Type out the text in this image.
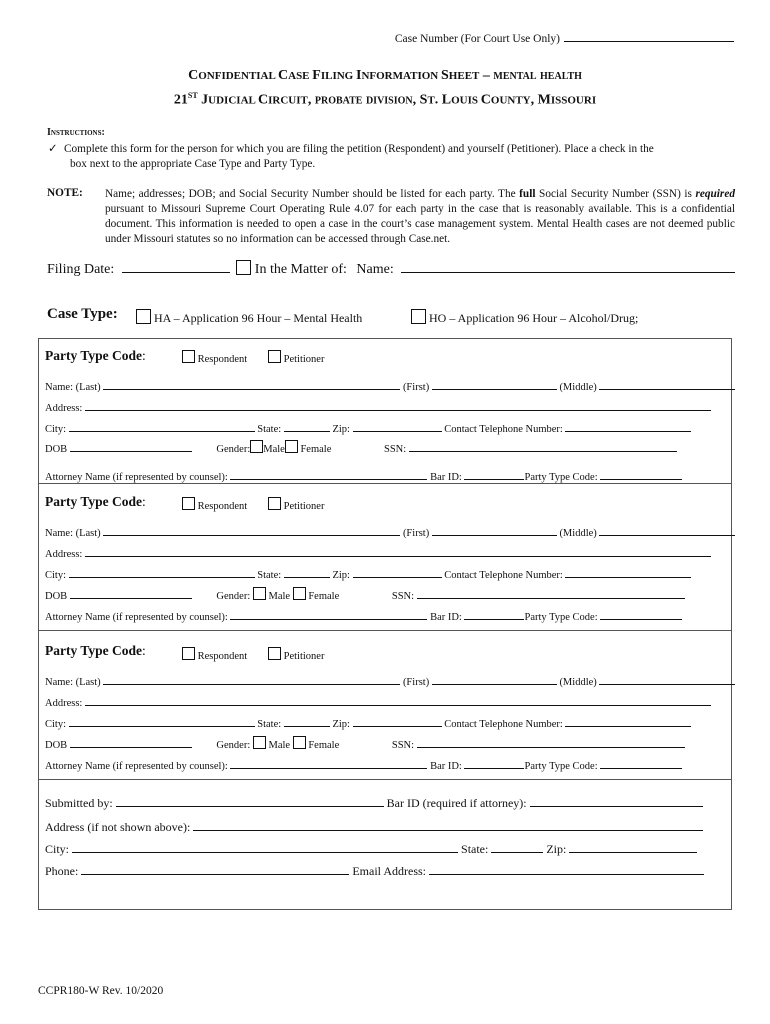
Case Number (For Court Use Only)
CONFIDENTIAL CASE FILING INFORMATION SHEET – mental health
21ST JUDICIAL CIRCUIT, probate division, ST. LOUIS COUNTY, MISSOURI
Instructions:
✓ Complete this form for the person for which you are filing the petition (Respondent) and yourself (Petitioner). Place a check in the
box next to the appropriate Case Type and Party Type.
NOTE: Name; addresses; DOB; and Social Security Number should be listed for each party. The full Social Security Number (SSN) is required pursuant to Missouri Supreme Court Operating Rule 4.07 for each party in the case that is reasonably available. This is a confidential document. This information is needed to open a case in the court’s case management system. Mental Health cases are not deemed public under Missouri statutes so no information can be accessed through Case.net.
Filing Date:	In the Matter of: Name:
Case Type:	HA – Application 96 Hour – Mental Health	HO – Application 96 Hour – Alcohol/Drug;
Party Type Code:	Respondent	Petitioner
Name: (Last)	(First)	(Middle)
Address:
City:	State:	Zip:	Contact Telephone Number:
DOB	Gender: Male Female	SSN:
Attorney Name (if represented by counsel):	Bar ID:	Party Type Code:
Party Type Code:	Respondent	Petitioner
Name: (Last)	(First)	(Middle)
Address:
City:	State:	Zip:	Contact Telephone Number:
DOB	Gender: Male Female	SSN:
Attorney Name (if represented by counsel):	Bar ID:	Party Type Code:
Party Type Code:	Respondent	Petitioner
Name: (Last)	(First)	(Middle)
Address:
City:	State:	Zip:	Contact Telephone Number:
DOB	Gender: Male Female	SSN:
Attorney Name (if represented by counsel):	Bar ID:	Party Type Code:
Submitted by:	Bar ID (required if attorney):
Address (if not shown above):
City:	State:	Zip:
Phone:	Email Address:
CCPR180-W Rev. 10/2020
